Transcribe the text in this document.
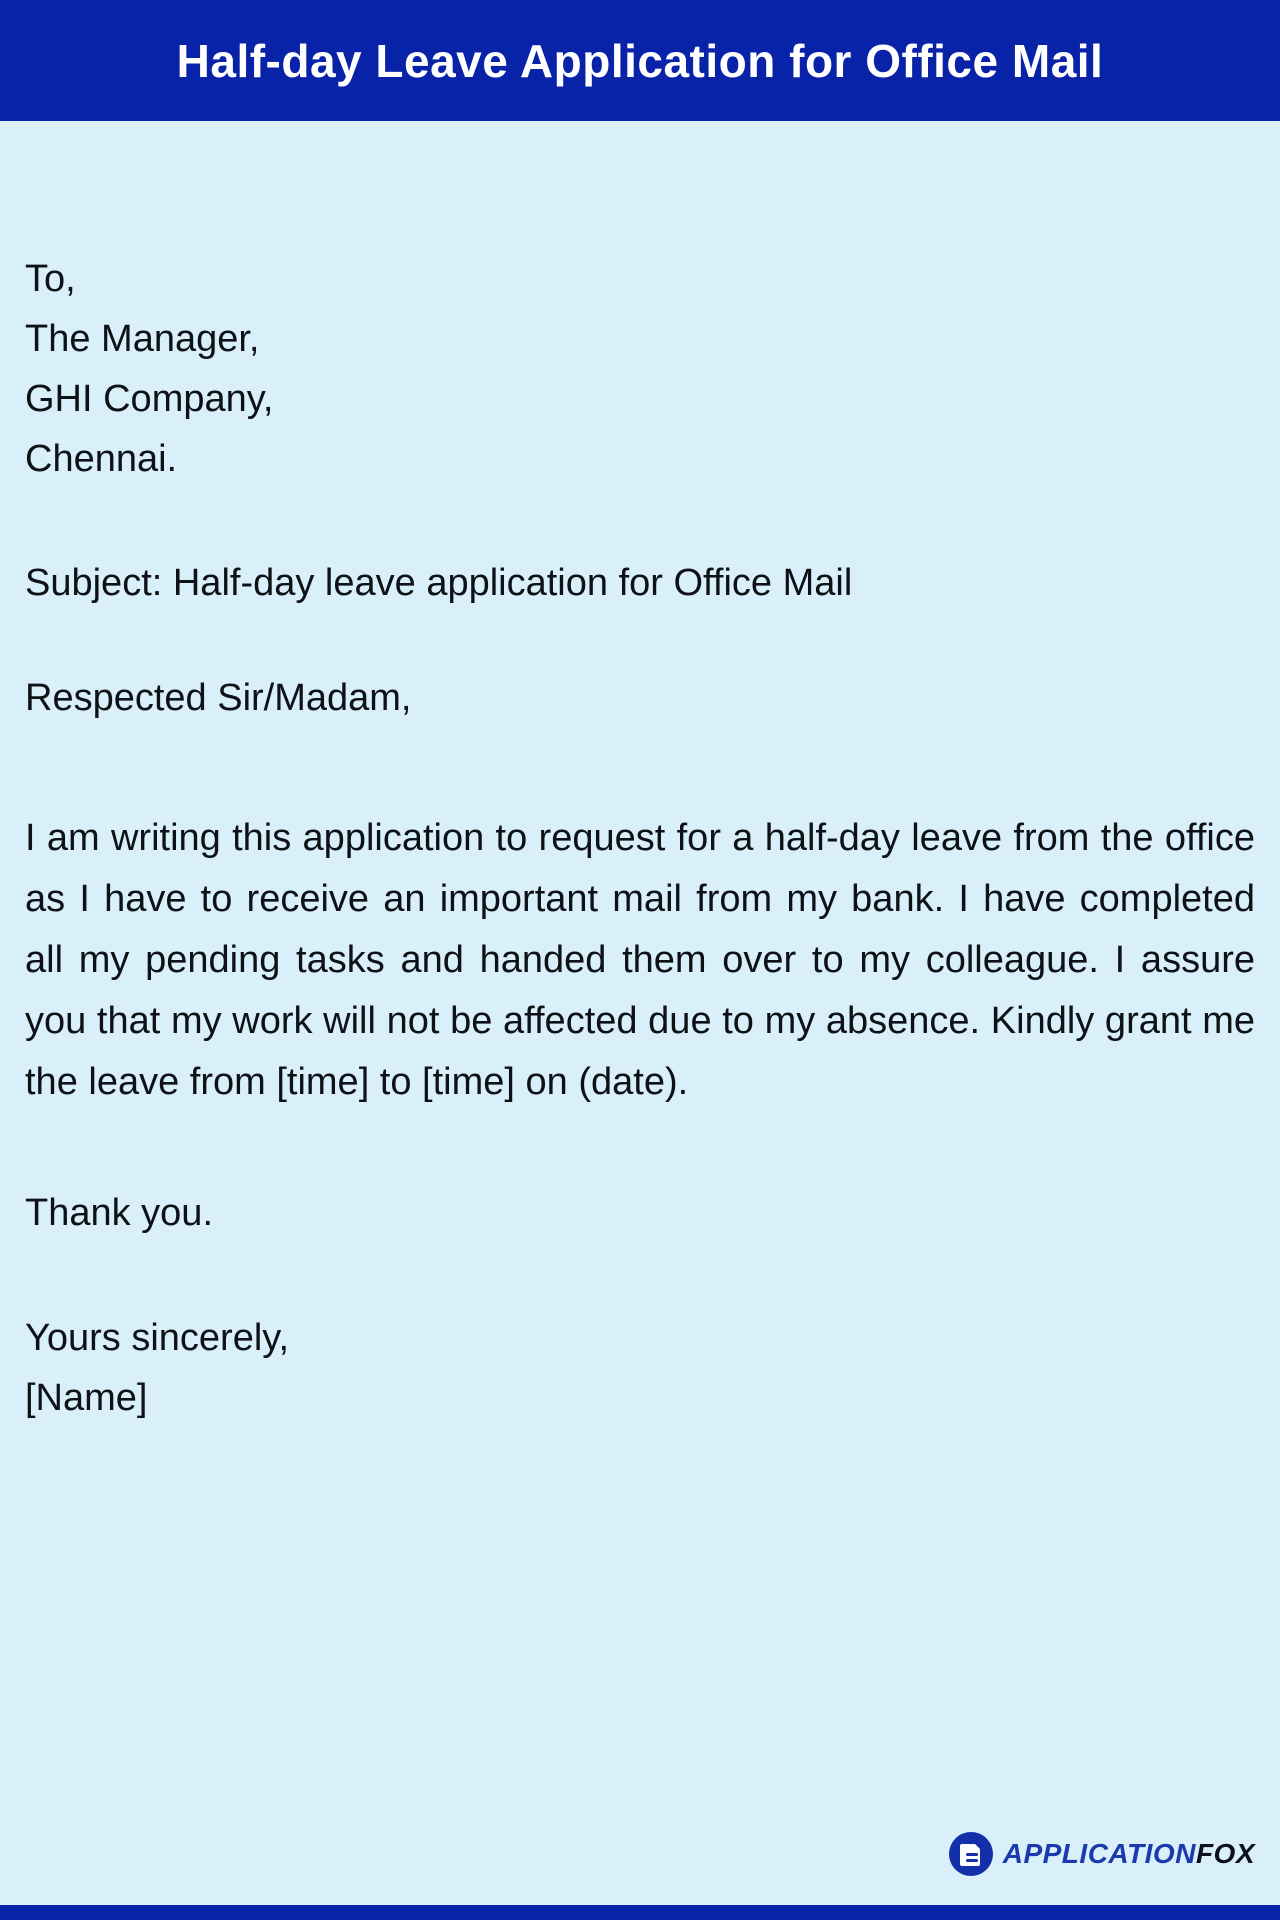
Half-day Leave Application for Office Mail
To,
The Manager,
GHI Company,
Chennai.
Subject: Half-day leave application for Office Mail
Respected Sir/Madam,
I am writing this application to request for a half-day leave from the office as I have to receive an important mail from my bank. I have completed all my pending tasks and handed them over to my colleague. I assure you that my work will not be affected due to my absence. Kindly grant me the leave from [time] to [time] on (date).
Thank you.
Yours sincerely,
[Name]
APPLICATIONFOX
